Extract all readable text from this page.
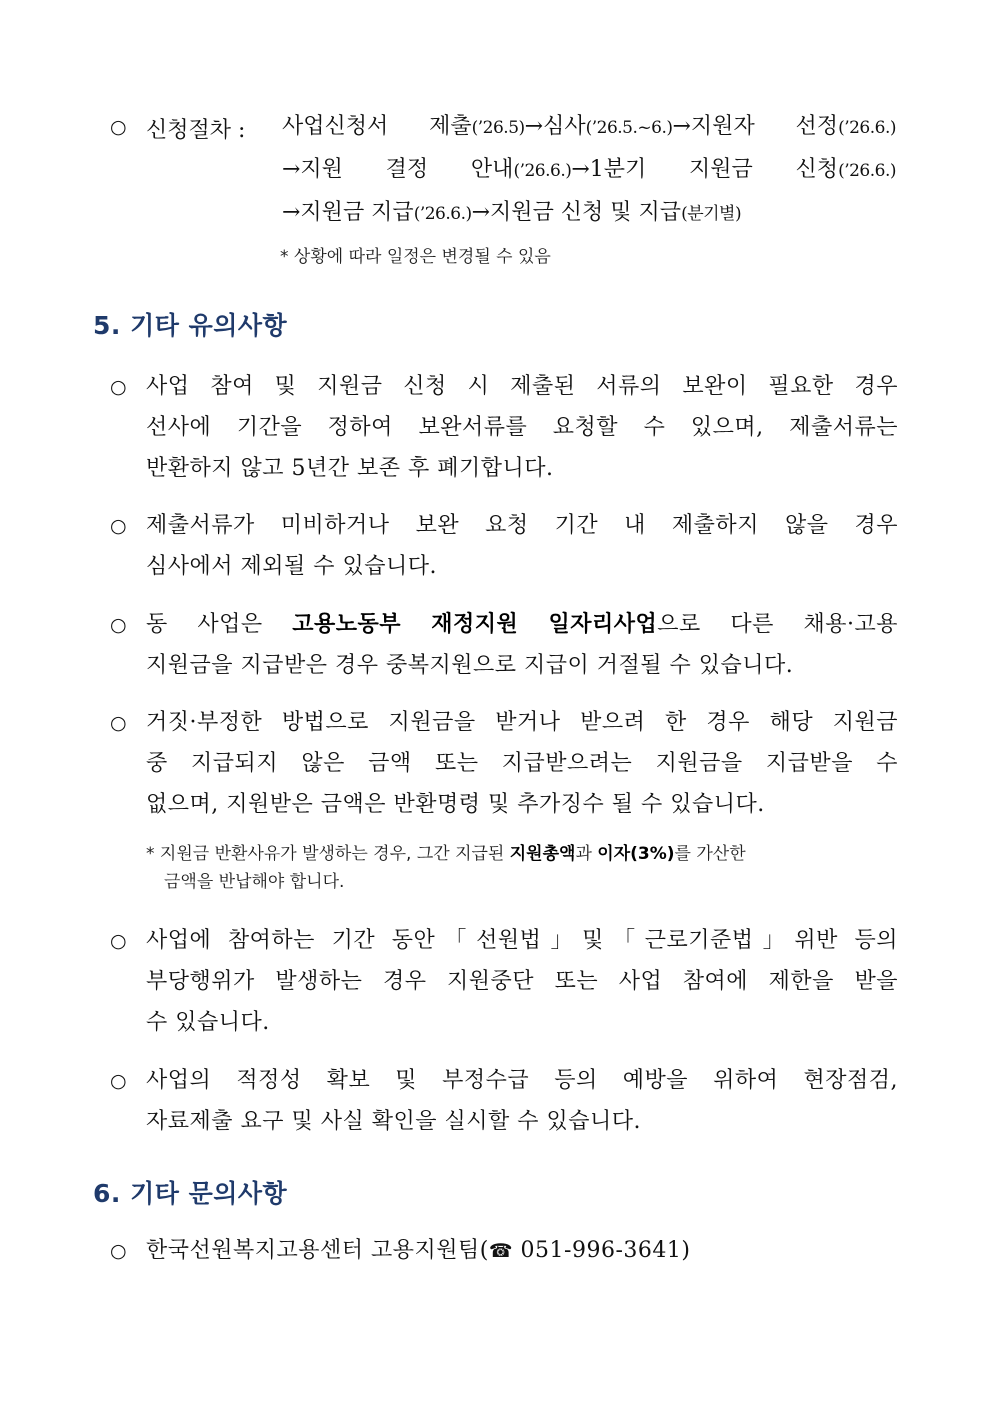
○ 신청절차 : 사업신청서 제출(’26.5)→심사(’26.5.~6.)→지원자 선정(’26.6.)
→지원 결정 안내(’26.6.)→1분기 지원금 신청(’26.6.)
→지원금 지급(’26.6.)→지원금 신청 및 지급(분기별)
* 상황에 따라 일정은 변경될 수 있음
5. 기타 유의사항
○ 사업 참여 및 지원금 신청 시 제출된 서류의 보완이 필요한 경우
선사에 기간을 정하여 보완서류를 요청할 수 있으며, 제출서류는
반환하지 않고 5년간 보존 후 폐기합니다.
○ 제출서류가 미비하거나 보완 요청 기간 내 제출하지 않을 경우
심사에서 제외될 수 있습니다.
○ 동 사업은 고용노동부 재정지원 일자리사업으로 다른 채용·고용
지원금을 지급받은 경우 중복지원으로 지급이 거절될 수 있습니다.
○ 거짓·부정한 방법으로 지원금을 받거나 받으려 한 경우 해당 지원금
중 지급되지 않은 금액 또는 지급받으려는 지원금을 지급받을 수
없으며, 지원받은 금액은 반환명령 및 추가징수 될 수 있습니다.
* 지원금 반환사유가 발생하는 경우, 그간 지급된 지원총액과 이자(3%)를 가산한
금액을 반납해야 합니다.
○ 사업에 참여하는 기간 동안「선원법」및「근로기준법」위반 등의
부당행위가 발생하는 경우 지원중단 또는 사업 참여에 제한을 받을
수 있습니다.
○ 사업의 적정성 확보 및 부정수급 등의 예방을 위하여 현장점검,
자료제출 요구 및 사실 확인을 실시할 수 있습니다.
6. 기타 문의사항
○ 한국선원복지고용센터 고용지원팀(☎ 051-996-3641)
